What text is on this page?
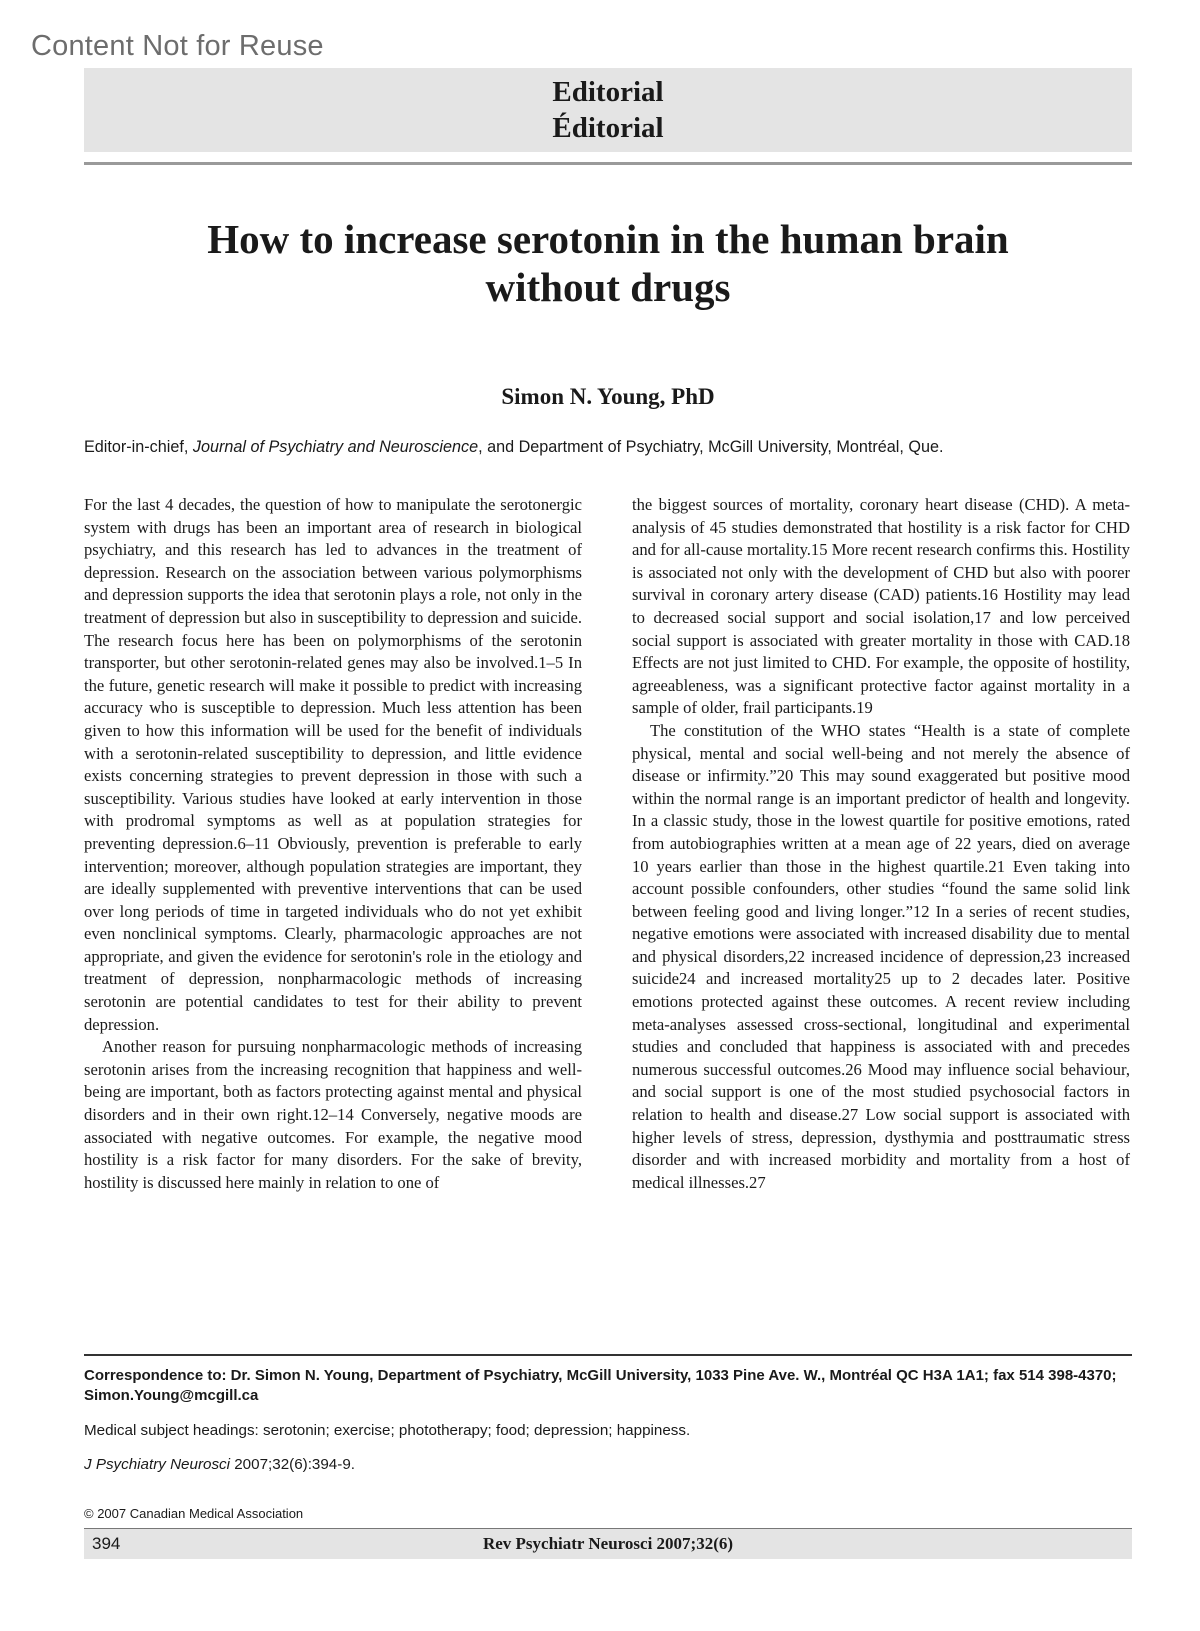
Content Not for Reuse
Editorial
Éditorial
How to increase serotonin in the human brain
without drugs
Simon N. Young, PhD
Editor-in-chief, Journal of Psychiatry and Neuroscience, and Department of Psychiatry, McGill University, Montréal, Que.

For the last 4 decades, the question of how to manipulate the serotonergic system with drugs has been an important area of research in biological psychiatry, and this research has led to advances in the treatment of depression. Research on the association between various polymorphisms and depression supports the idea that serotonin plays a role, not only in the treatment of depression but also in susceptibility to depression and suicide. The research focus here has been on polymorphisms of the serotonin transporter, but other serotonin-related genes may also be involved.1–5 In the future, genetic research will make it possible to predict with increasing accuracy who is susceptible to depression. Much less attention has been given to how this information will be used for the benefit of individuals with a serotonin-related susceptibility to depression, and little evidence exists concerning strategies to prevent depression in those with such a susceptibility. Various studies have looked at early intervention in those with prodromal symptoms as well as at population strategies for preventing depression.6–11 Obviously, prevention is preferable to early intervention; moreover, although population strategies are important, they are ideally supplemented with preventive interventions that can be used over long periods of time in targeted individuals who do not yet exhibit even nonclinical symptoms. Clearly, pharmacologic approaches are not appropriate, and given the evidence for serotonin's role in the etiology and treatment of depression, nonpharmacologic methods of increasing serotonin are potential candidates to test for their ability to prevent depression.

Another reason for pursuing nonpharmacologic methods of increasing serotonin arises from the increasing recognition that happiness and well-being are important, both as factors protecting against mental and physical disorders and in their own right.12–14 Conversely, negative moods are associated with negative outcomes. For example, the negative mood hostility is a risk factor for many disorders. For the sake of brevity, hostility is discussed here mainly in relation to one of

the biggest sources of mortality, coronary heart disease (CHD). A meta-analysis of 45 studies demonstrated that hostility is a risk factor for CHD and for all-cause mortality.15 More recent research confirms this. Hostility is associated not only with the development of CHD but also with poorer survival in coronary artery disease (CAD) patients.16 Hostility may lead to decreased social support and social isolation,17 and low perceived social support is associated with greater mortality in those with CAD.18 Effects are not just limited to CHD. For example, the opposite of hostility, agreeableness, was a significant protective factor against mortality in a sample of older, frail participants.19

The constitution of the WHO states “Health is a state of complete physical, mental and social well-being and not merely the absence of disease or infirmity.”20 This may sound exaggerated but positive mood within the normal range is an important predictor of health and longevity. In a classic study, those in the lowest quartile for positive emotions, rated from autobiographies written at a mean age of 22 years, died on average 10 years earlier than those in the highest quartile.21 Even taking into account possible confounders, other studies “found the same solid link between feeling good and living longer.”12 In a series of recent studies, negative emotions were associated with increased disability due to mental and physical disorders,22 increased incidence of depression,23 increased suicide24 and increased mortality25 up to 2 decades later. Positive emotions protected against these outcomes. A recent review including meta-analyses assessed cross-sectional, longitudinal and experimental studies and concluded that happiness is associated with and precedes numerous successful outcomes.26 Mood may influence social behaviour, and social support is one of the most studied psychosocial factors in relation to health and disease.27 Low social support is associated with higher levels of stress, depression, dysthymia and posttraumatic stress disorder and with increased morbidity and mortality from a host of medical illnesses.27

Correspondence to: Dr. Simon N. Young, Department of Psychiatry, McGill University, 1033 Pine Ave. W., Montréal QC H3A 1A1; fax 514 398-4370; Simon.Young@mcgill.ca
Medical subject headings: serotonin; exercise; phototherapy; food; depression; happiness.
J Psychiatry Neurosci 2007;32(6):394-9.
© 2007 Canadian Medical Association
394	Rev Psychiatr Neurosci 2007;32(6)
